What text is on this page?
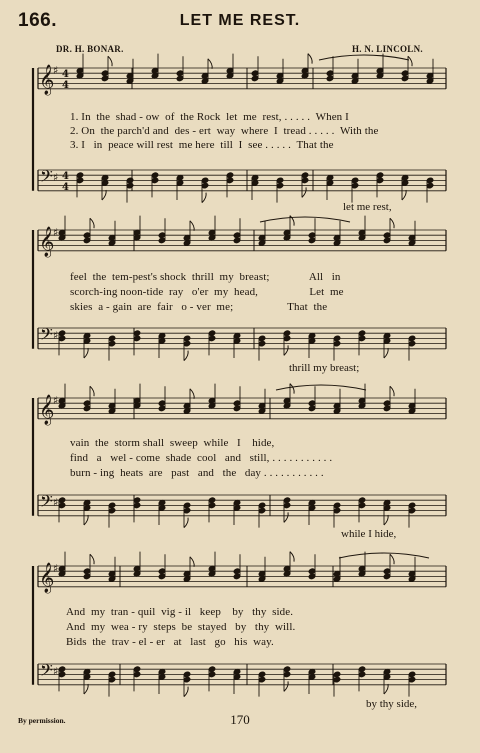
166.	LET ME REST.
DR. H. BONAR.	H. N. LINCOLN.
𝄞
♯ 4
4
𝄢 ♯ 4
4
𝄞
♯
𝄢 ♯
𝄞
♯
𝄢 ♯
𝄞
♯
𝄢 ♯
1. In  the  shad - ow  of  the Rock  let  me  rest, . . . . .  When I
2. On  the parch'd and  des - ert  way  where  I  tread . . . . .  With the
3. I   in  peace will rest  me here  till  I  see . . . . .  That the
let me rest,
feel  the  tem-pest's shock  thrill  my  breast;              All   in
scorch-ing noon-tide  ray   o'er  my  head,                  Let  me
skies  a - gain  are  fair   o - ver  me;                   That  the
thrill my breast;
vain  the  storm shall  sweep  while   I    hide,
find   a   wel - come  shade  cool   and   still, . . . . . . . . . . .
burn - ing  heats  are   past   and   the   day . . . . . . . . . . .
while I hide,
And  my  tran - quil  vig - il   keep    by   thy  side.
And  my  wea - ry  steps  be  stayed   by   thy  will.
Bids  the  trav - el - er   at   last   go   his  way.
by thy side,
By permission.	170
